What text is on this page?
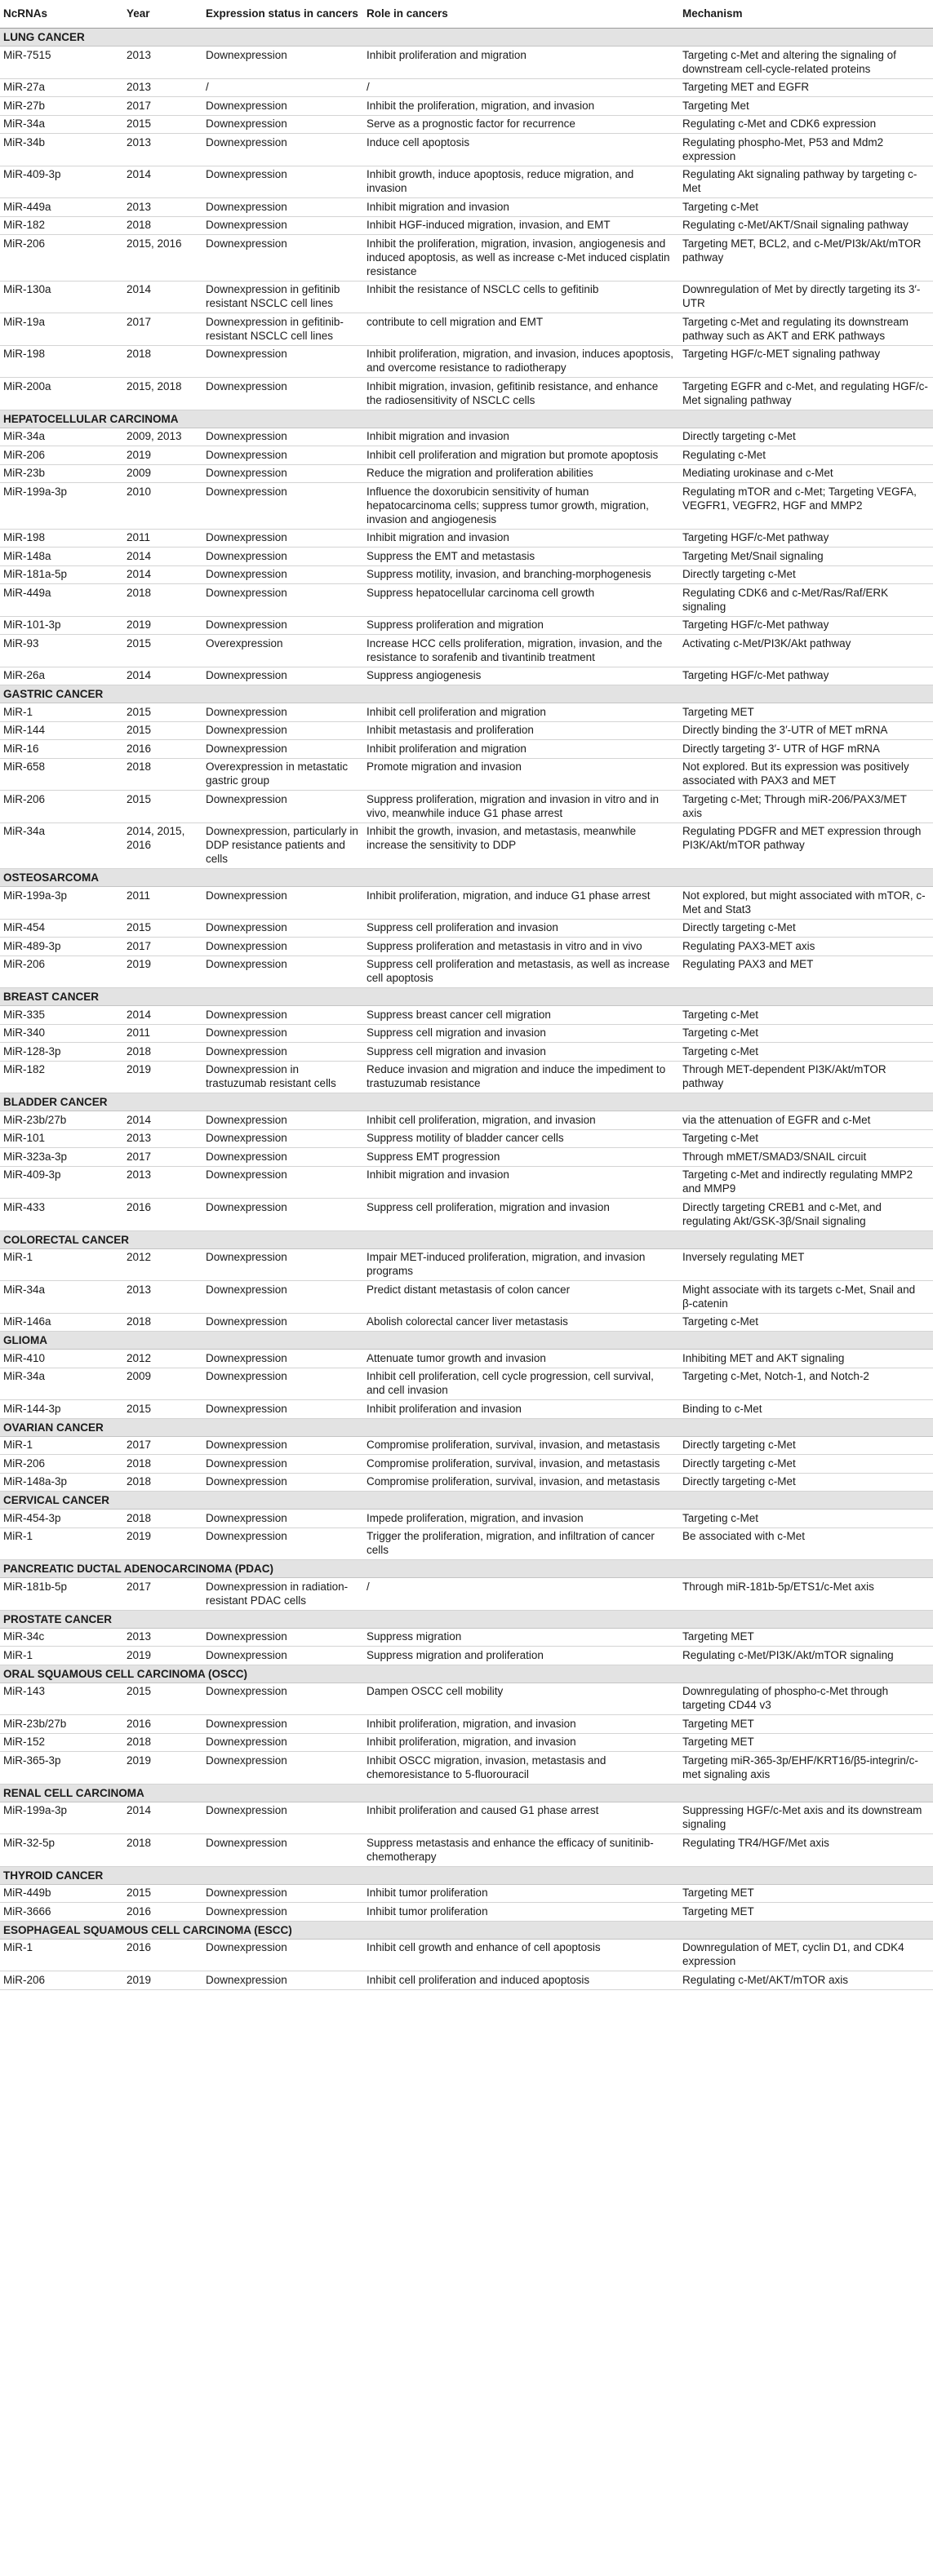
NcRNAs	Year	Expression status in cancers	Role in cancers	Mechanism
LUNG CANCER				
MiR-7515	2013	Downexpression	Inhibit proliferation and migration	Targeting c-Met and altering the signaling of downstream cell-cycle-related proteins
MiR-27a	2013	/	/	Targeting MET and EGFR
MiR-27b	2017	Downexpression	Inhibit the proliferation, migration, and invasion	Targeting Met
MiR-34a	2015	Downexpression	Serve as a prognostic factor for recurrence	Regulating c-Met and CDK6 expression
MiR-34b	2013	Downexpression	Induce cell apoptosis	Regulating phospho-Met, P53 and Mdm2 expression
MiR-409-3p	2014	Downexpression	Inhibit growth, induce apoptosis, reduce migration, and invasion	Regulating Akt signaling pathway by targeting c-Met
MiR-449a	2013	Downexpression	Inhibit migration and invasion	Targeting c-Met
MiR-182	2018	Downexpression	Inhibit HGF-induced migration, invasion, and EMT	Regulating c-Met/AKT/Snail signaling pathway
MiR-206	2015, 2016	Downexpression	Inhibit the proliferation, migration, invasion, angiogenesis and induced apoptosis, as well as increase c-Met induced cisplatin resistance	Targeting MET, BCL2, and c-Met/PI3k/Akt/mTOR pathway
MiR-130a	2014	Downexpression in gefitinib resistant NSCLC cell lines	Inhibit the resistance of NSCLC cells to gefitinib	Downregulation of Met by directly targeting its 3′-UTR
MiR-19a	2017	Downexpression in gefitinib-resistant NSCLC cell lines	contribute to cell migration and EMT	Targeting c-Met and regulating its downstream pathway such as AKT and ERK pathways
MiR-198	2018	Downexpression	Inhibit proliferation, migration, and invasion, induces apoptosis, and overcome resistance to radiotherapy	Targeting HGF/c-MET signaling pathway
MiR-200a	2015, 2018	Downexpression	Inhibit migration, invasion, gefitinib resistance, and enhance the radiosensitivity of NSCLC cells	Targeting EGFR and c-Met, and regulating HGF/c-Met signaling pathway
HEPATOCELLULAR CARCINOMA				
MiR-34a	2009, 2013	Downexpression	Inhibit migration and invasion	Directly targeting c-Met
MiR-206	2019	Downexpression	Inhibit cell proliferation and migration but promote apoptosis	Regulating c-Met
MiR-23b	2009	Downexpression	Reduce the migration and proliferation abilities	Mediating urokinase and c-Met
MiR-199a-3p	2010	Downexpression	Influence the doxorubicin sensitivity of human hepatocarcinoma cells; suppress tumor growth, migration, invasion and angiogenesis	Regulating mTOR and c-Met; Targeting VEGFA, VEGFR1, VEGFR2, HGF and MMP2
MiR-198	2011	Downexpression	Inhibit migration and invasion	Targeting HGF/c-Met pathway
MiR-148a	2014	Downexpression	Suppress the EMT and metastasis	Targeting Met/Snail signaling
MiR-181a-5p	2014	Downexpression	Suppress motility, invasion, and branching-morphogenesis	Directly targeting c-Met
MiR-449a	2018	Downexpression	Suppress hepatocellular carcinoma cell growth	Regulating CDK6 and c-Met/Ras/Raf/ERK signaling
MiR-101-3p	2019	Downexpression	Suppress proliferation and migration	Targeting HGF/c-Met pathway
MiR-93	2015	Overexpression	Increase HCC cells proliferation, migration, invasion, and the resistance to sorafenib and tivantinib treatment	Activating c-Met/PI3K/Akt pathway
MiR-26a	2014	Downexpression	Suppress angiogenesis	Targeting HGF/c-Met pathway
GASTRIC CANCER				
MiR-1	2015	Downexpression	Inhibit cell proliferation and migration	Targeting MET
MiR-144	2015	Downexpression	Inhibit metastasis and proliferation	Directly binding the 3′-UTR of MET mRNA
MiR-16	2016	Downexpression	Inhibit proliferation and migration	Directly targeting 3′- UTR of HGF mRNA
MiR-658	2018	Overexpression in metastatic gastric group	Promote migration and invasion	Not explored. But its expression was positively associated with PAX3 and MET
MiR-206	2015	Downexpression	Suppress proliferation, migration and invasion in vitro and in vivo, meanwhile induce G1 phase arrest	Targeting c-Met; Through miR-206/PAX3/MET axis
MiR-34a	2014, 2015, 2016	Downexpression, particularly in DDP resistance patients and cells	Inhibit the growth, invasion, and metastasis, meanwhile increase the sensitivity to DDP	Regulating PDGFR and MET expression through PI3K/Akt/mTOR pathway
OSTEOSARCOMA				
MiR-199a-3p	2011	Downexpression	Inhibit proliferation, migration, and induce G1 phase arrest	Not explored, but might associated with mTOR, c-Met and Stat3
MiR-454	2015	Downexpression	Suppress cell proliferation and invasion	Directly targeting c-Met
MiR-489-3p	2017	Downexpression	Suppress proliferation and metastasis in vitro and in vivo	Regulating PAX3-MET axis
MiR-206	2019	Downexpression	Suppress cell proliferation and metastasis, as well as increase cell apoptosis	Regulating PAX3 and MET
BREAST CANCER				
MiR-335	2014	Downexpression	Suppress breast cancer cell migration	Targeting c-Met
MiR-340	2011	Downexpression	Suppress cell migration and invasion	Targeting c-Met
MiR-128-3p	2018	Downexpression	Suppress cell migration and invasion	Targeting c-Met
MiR-182	2019	Downexpression in trastuzumab resistant cells	Reduce invasion and migration and induce the impediment to trastuzumab resistance	Through MET-dependent PI3K/Akt/mTOR pathway
BLADDER CANCER				
MiR-23b/27b	2014	Downexpression	Inhibit cell proliferation, migration, and invasion	via the attenuation of EGFR and c-Met
MiR-101	2013	Downexpression	Suppress motility of bladder cancer cells	Targeting c-Met
MiR-323a-3p	2017	Downexpression	Suppress EMT progression	Through mMET/SMAD3/SNAIL circuit
MiR-409-3p	2013	Downexpression	Inhibit migration and invasion	Targeting c-Met and indirectly regulating MMP2 and MMP9
MiR-433	2016	Downexpression	Suppress cell proliferation, migration and invasion	Directly targeting CREB1 and c-Met, and regulating Akt/GSK-3β/Snail signaling
COLORECTAL CANCER				
MiR-1	2012	Downexpression	Impair MET-induced proliferation, migration, and invasion programs	Inversely regulating MET
MiR-34a	2013	Downexpression	Predict distant metastasis of colon cancer	Might associate with its targets c-Met, Snail and β-catenin
MiR-146a	2018	Downexpression	Abolish colorectal cancer liver metastasis	Targeting c-Met
GLIOMA				
MiR-410	2012	Downexpression	Attenuate tumor growth and invasion	Inhibiting MET and AKT signaling
MiR-34a	2009	Downexpression	Inhibit cell proliferation, cell cycle progression, cell survival, and cell invasion	Targeting c-Met, Notch-1, and Notch-2
MiR-144-3p	2015	Downexpression	Inhibit proliferation and invasion	Binding to c-Met
OVARIAN CANCER				
MiR-1	2017	Downexpression	Compromise proliferation, survival, invasion, and metastasis	Directly targeting c-Met
MiR-206	2018	Downexpression	Compromise proliferation, survival, invasion, and metastasis	Directly targeting c-Met
MiR-148a-3p	2018	Downexpression	Compromise proliferation, survival, invasion, and metastasis	Directly targeting c-Met
CERVICAL CANCER				
MiR-454-3p	2018	Downexpression	Impede proliferation, migration, and invasion	Targeting c-Met
MiR-1	2019	Downexpression	Trigger the proliferation, migration, and infiltration of cancer cells	Be associated with c-Met
PANCREATIC DUCTAL ADENOCARCINOMA (PDAC)				
MiR-181b-5p	2017	Downexpression in radiation-resistant PDAC cells	/	Through miR-181b-5p/ETS1/c-Met axis
PROSTATE CANCER				
MiR-34c	2013	Downexpression	Suppress migration	Targeting MET
MiR-1	2019	Downexpression	Suppress migration and proliferation	Regulating c-Met/PI3K/Akt/mTOR signaling
ORAL SQUAMOUS CELL CARCINOMA (OSCC)				
MiR-143	2015	Downexpression	Dampen OSCC cell mobility	Downregulating of phospho-c-Met through targeting CD44 v3
MiR-23b/27b	2016	Downexpression	Inhibit proliferation, migration, and invasion	Targeting MET
MiR-152	2018	Downexpression	Inhibit proliferation, migration, and invasion	Targeting MET
MiR-365-3p	2019	Downexpression	Inhibit OSCC migration, invasion, metastasis and chemoresistance to 5-fluorouracil	Targeting miR-365-3p/EHF/KRT16/β5-integrin/c-met signaling axis
RENAL CELL CARCINOMA				
MiR-199a-3p	2014	Downexpression	Inhibit proliferation and caused G1 phase arrest	Suppressing HGF/c-Met axis and its downstream signaling
MiR-32-5p	2018	Downexpression	Suppress metastasis and enhance the efficacy of sunitinib-chemotherapy	Regulating TR4/HGF/Met axis
THYROID CANCER				
MiR-449b	2015	Downexpression	Inhibit tumor proliferation	Targeting MET
MiR-3666	2016	Downexpression	Inhibit tumor proliferation	Targeting MET
ESOPHAGEAL SQUAMOUS CELL CARCINOMA (ESCC)				
MiR-1	2016	Downexpression	Inhibit cell growth and enhance of cell apoptosis	Downregulation of MET, cyclin D1, and CDK4 expression
MiR-206	2019	Downexpression	Inhibit cell proliferation and induced apoptosis	Regulating c-Met/AKT/mTOR axis
